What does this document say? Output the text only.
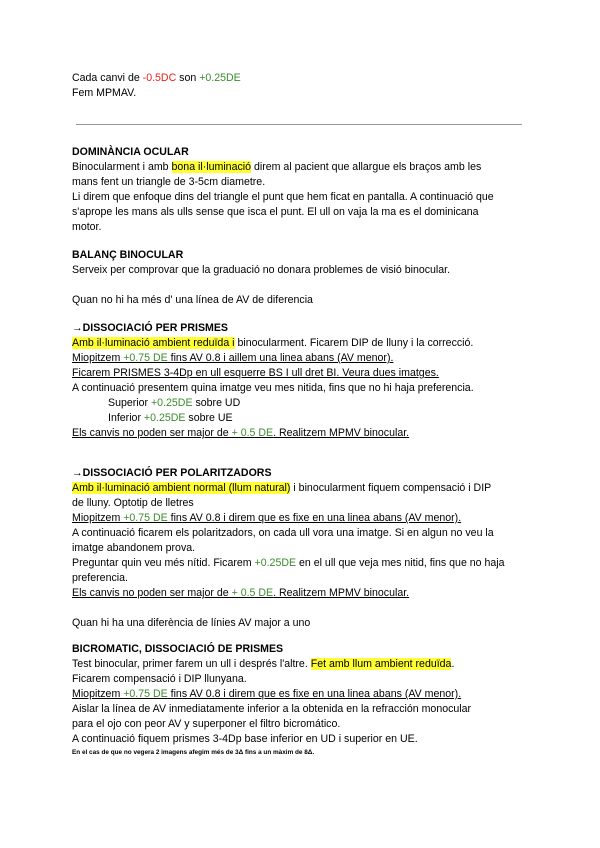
Cada canvi de -0.5DC son +0.25DE

Fem MPMAV.

DOMINÀNCIA OCULAR

Binocularment i amb bona il·luminació direm al pacient que allargue els braços amb les

mans fent un triangle de 3-5cm diametre.

Li direm que enfoque dins del triangle el punt que hem ficat en pantalla. A continuació que

s'aprope les mans als ulls sense que isca el punt. El ull on vaja la ma es el dominicana

motor.

BALANÇ BINOCULAR

Serveix per comprovar que la graduació no donara problemes de visió binocular.

Quan no hi ha més d' una línea de AV de diferencia

→DISSOCIACIÓ PER PRISMES

Amb il·luminació ambient reduïda i binocularment. Ficarem DIP de lluny i la correcció.

Miopitzem +0.75 DE fins AV 0.8 i aillem una linea abans (AV menor).

Ficarem PRISMES 3-4Dp en ull esquerre BS I ull dret BI. Veura dues imatges.

A continuació presentem quina imatge veu mes nitida, fins que no hi haja preferencia.

Superior +0.25DE sobre UD

Inferior +0.25DE sobre UE

Els canvis no poden ser major de + 0.5 DE. Realitzem MPMV binocular.

→DISSOCIACIÓ PER POLARITZADORS

Amb il·luminació ambient normal (llum natural) i binocularment fiquem compensació i DIP

de lluny. Optotip de lletres

Miopitzem +0.75 DE fins AV 0.8 i direm que es fixe en una linea abans (AV menor).

A continuació ficarem els polaritzadors, on cada ull vora una imatge. Si en algun no veu la

imatge abandonem prova.

Preguntar quin veu més nítid. Ficarem +0.25DE en el ull que veja mes nitid, fins que no haja

preferencia.

Els canvis no poden ser major de + 0.5 DE. Realitzem MPMV binocular.

Quan hi ha una diferència de línies AV major a uno

BICROMATIC, DISSOCIACIÓ DE PRISMES

Test binocular, primer farem un ull i després l'altre. Fet amb llum ambient reduïda.

Ficarem compensació i DIP llunyana.

Miopitzem +0.75 DE fins AV 0.8 i direm que es fixe en una linea abans (AV menor).

Aislar la línea de AV inmediatamente inferior a la obtenida en la refracción monocular

para el ojo con peor AV y superponer el filtro bicromático.

A continuació fiquem prismes 3-4Dp base inferior en UD i superior en UE.

En el cas de que no vegera 2 imagens afegim més de 3Δ fins a un màxim de 8Δ.
